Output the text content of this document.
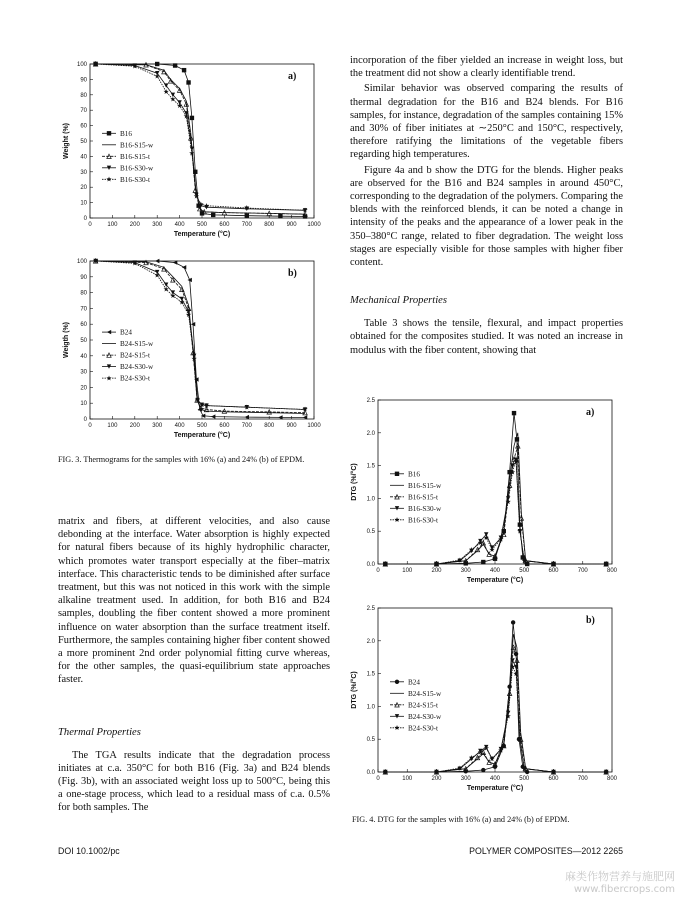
0	100 200 300 400 500 600 700 800 900 1000
0
10
20
30
40
50
60
70
80
90
100
Temperature (°C)
Weight (%)
a)
★	★
★
★
★
★
★
★
★
★ ★	★	★
B16
B16-S15-w
B16-S15-t
B16-S30-w
★ B16-S30-t
0	100 200 300 400 500 600 700 800 900 1000
0
10
20
30
40
50
60
70
80
90
100
Temperature (°C)
Weigth (%)
b)
★	★
★
★
★
★
★
★
★
★
★	★	★
B24
B24-S15-w
B24-S15-t
B24-S30-w
★ B24-S30-t

FIG. 3. Thermograms for the samples with 16% (a) and 24% (b) of EPDM.

matrix and fibers, at different velocities, and also cause debonding at the interface. Water absorption is highly expected for natural fibers because of its highly hydrophilic character, which promotes water transport especially at the fiber–matrix interface. This characteristic tends to be diminished after surface treatment, but this was not noticed in this work with the simple alkaline treatment used. In addition, for both B16 and B24 samples, doubling the fiber content showed a more prominent influence on water absorption than the surface treatment itself. Furthermore, the samples containing higher fiber content showed a more prominent 2nd order polynomial fitting curve whereas, for the other samples, the quasi-equilibrium state approaches faster.

Thermal Properties

The TGA results indicate that the degradation process initiates at c.a. 350°C for both B16 (Fig. 3a) and B24 blends (Fig. 3b), with an associated weight loss up to 500°C, being this a one-stage process, which lead to a residual mass of c.a. 0.5% for both samples. The

incorporation of the fiber yielded an increase in weight loss, but the treatment did not show a clearly identifiable trend.

Similar behavior was observed comparing the results of thermal degradation for the B16 and B24 blends. For B16 samples, for instance, degradation of the samples containing 15% and 30% of fiber initiates at ∼250°C and 150°C, respectively, therefore ratifying the limitations of the vegetable fibers regarding high temperatures.

Figure 4a and b show the DTG for the blends. Higher peaks are observed for the B16 and B24 samples in around 450°C, corresponding to the degradation of the polymers. Comparing the blends with the reinforced blends, it can be noted a change in intensity of the peaks and the appearance of a lower peak in the 350–380°C range, related to fiber degradation. The weight loss stages are especially visible for those samples with higher fiber content.

Mechanical Properties

Table 3 shows the tensile, flexural, and impact properties obtained for the composites studied. It was noted an increase in modulus with the fiber content, showing that

0	100	200	300	400	500	600	700	800
0.0
0.5
1.0
1.5
2.0
2.5
Temperature (°C)
DTG (%/°C)
a)
★	★ ★
★
★
★
★
★
★
★
★
★
★	★	★
B16
B16-S15-w
B16-S15-t
B16-S30-w
★ B16-S30-t
0	100	200	300	400	500	600	700	800
0.0
0.5
1.0
1.5
2.0
2.5
Temperature (°C)
DTG (%/°C)
b)
★	★ ★
★
★ ★
★
★
★
★
★
★
★	★	★
B24
B24-S15-w
B24-S15-t
B24-S30-w
★ B24-S30-t

FIG. 4. DTG for the samples with 16% (a) and 24% (b) of EPDM.

DOI 10.1002/pc	POLYMER COMPOSITES—2012 2265
麻类作物营养与施肥网
www.fibercrops.com
